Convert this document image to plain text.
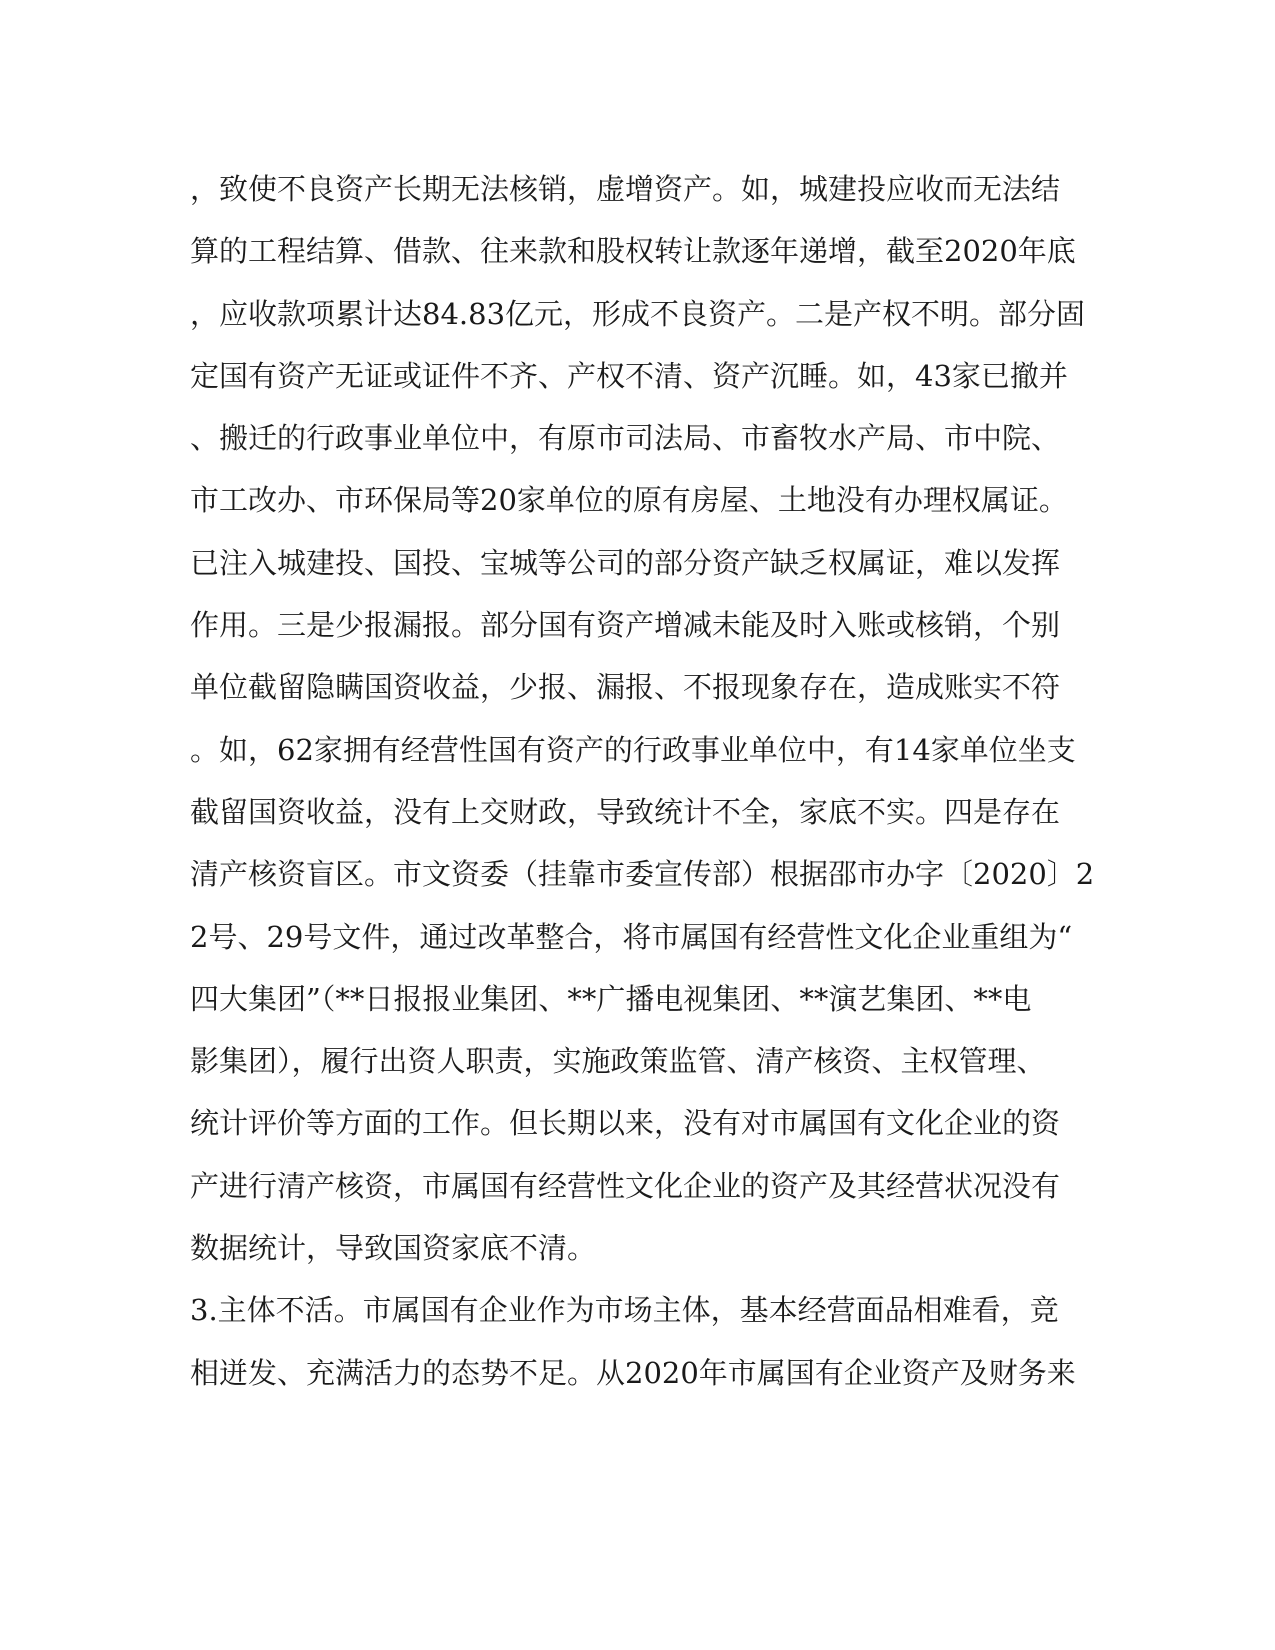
，致使不良资产长期无法核销，虚增资产。如，城建投应收而无法结
算的工程结算、借款、往来款和股权转让款逐年递增，截至2020年底
，应收款项累计达84.83亿元，形成不良资产。二是产权不明。部分固
定国有资产无证或证件不齐、产权不清、资产沉睡。如，43家已撤并
、搬迁的行政事业单位中，有原市司法局、市畜牧水产局、市中院、
市工改办、市环保局等20家单位的原有房屋、土地没有办理权属证。
已注入城建投、国投、宝城等公司的部分资产缺乏权属证，难以发挥
作用。三是少报漏报。部分国有资产增减未能及时入账或核销，个别
单位截留隐瞒国资收益，少报、漏报、不报现象存在，造成账实不符
。如，62家拥有经营性国有资产的行政事业单位中，有14家单位坐支
截留国资收益，没有上交财政，导致统计不全，家底不实。四是存在
清产核资盲区。市文资委（挂靠市委宣传部）根据邵市办字〔2020〕2
2号、29号文件，通过改革整合，将市属国有经营性文化企业重组为“
四大集团”（**日报报业集团、**广播电视集团、**演艺集团、**电
影集团），履行出资人职责，实施政策监管、清产核资、主权管理、
统计评价等方面的工作。但长期以来，没有对市属国有文化企业的资
产进行清产核资，市属国有经营性文化企业的资产及其经营状况没有
数据统计，导致国资家底不清。
3.主体不活。市属国有企业作为市场主体，基本经营面品相难看，竞
相迸发、充满活力的态势不足。从2020年市属国有企业资产及财务来
